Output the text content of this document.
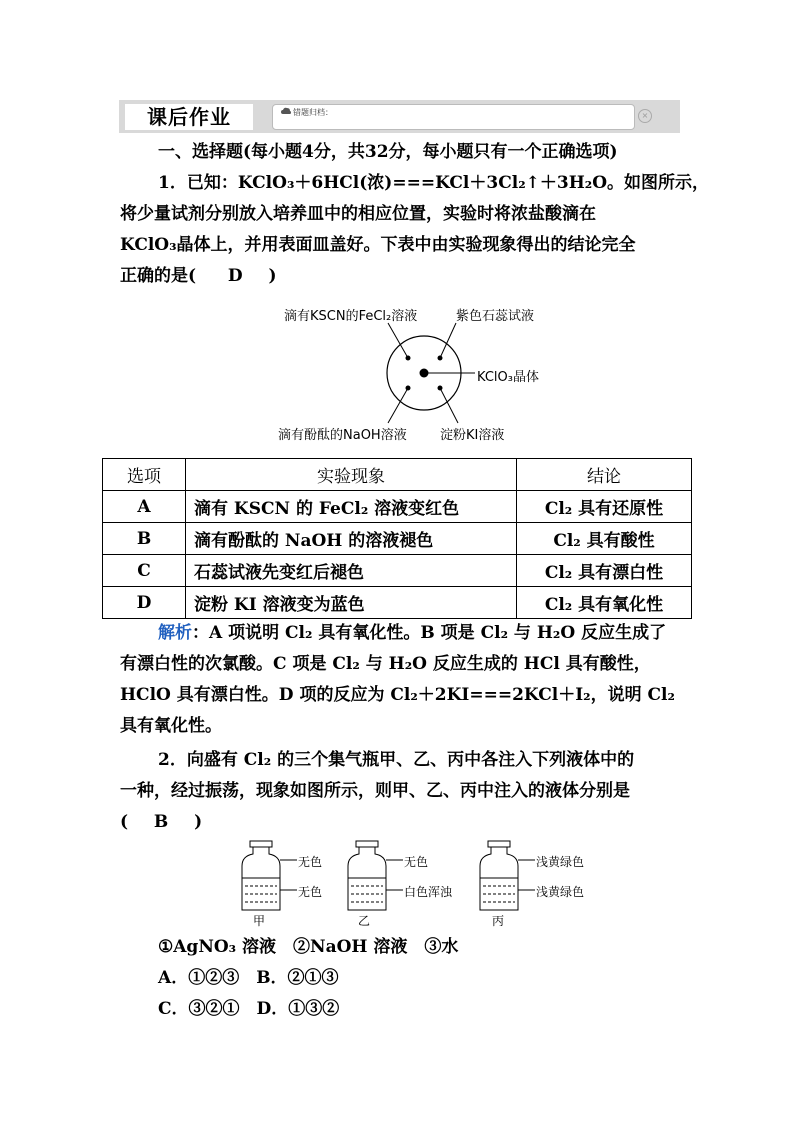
课后作业	错题归档：	×
一、选择题(每小题4分，共32分，每小题只有一个正确选项)
1．已知：KClO₃＋6HCl(浓)===KCl＋3Cl₂↑＋3H₂O。如图所示，
将少量试剂分别放入培养皿中的相应位置，实验时将浓盐酸滴在
KClO₃晶体上，并用表面皿盖好。下表中由实验现象得出的结论完全
正确的是( D )
滴有KSCN的FeCl₂溶液	紫色石蕊试液
KClO₃晶体
滴有酚酞的NaOH溶液	淀粉KI溶液
选项	实验现象	结论
A	滴有 KSCN 的 FeCl₂ 溶液变红色	Cl₂ 具有还原性
B	滴有酚酞的 NaOH 的溶液褪色	Cl₂ 具有酸性
C	石蕊试液先变红后褪色	Cl₂ 具有漂白性
D	淀粉 KI 溶液变为蓝色	Cl₂ 具有氧化性
解析：A 项说明 Cl₂ 具有氧化性。B 项是 Cl₂ 与 H₂O 反应生成了
有漂白性的次氯酸。C 项是 Cl₂ 与 H₂O 反应生成的 HCl 具有酸性，
HClO 具有漂白性。D 项的反应为 Cl₂＋2KI===2KCl＋I₂，说明 Cl₂
具有氧化性。
2．向盛有 Cl₂ 的三个集气瓶甲、乙、丙中各注入下列液体中的
一种，经过振荡，现象如图所示，则甲、乙、丙中注入的液体分别是
( B )
无色
无色
甲
无色
白色浑浊
乙
浅黄绿色
浅黄绿色
丙
①AgNO₃ 溶液　②NaOH 溶液　③水
A．①②③　B．②①③
C．③②①　D．①③②
